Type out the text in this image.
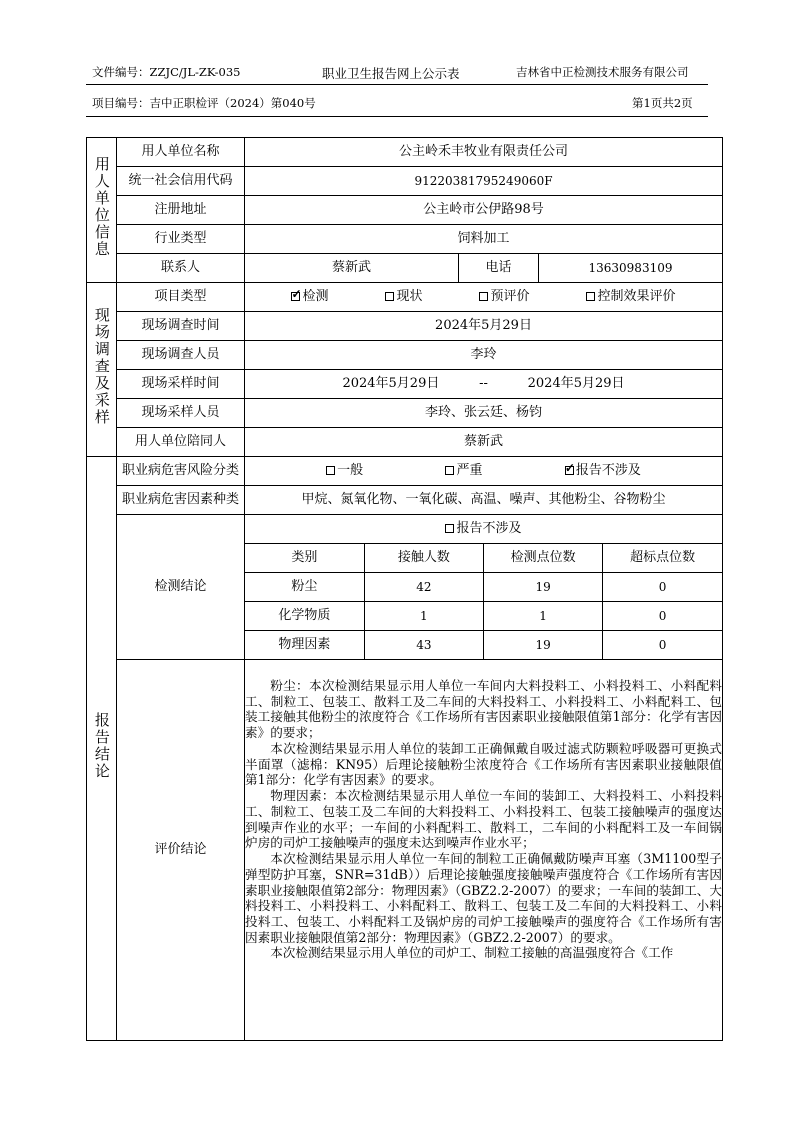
文件编号：ZZJC/JL-ZK-035	职业卫生报告网上公示表	吉林省中正检测技术服务有限公司
项目编号：吉中正职检评（2024）第040号	第1页共2页
用人单位信息	用人单位名称	公主岭禾丰牧业有限责任公司
统一社会信用代码	91220381795249060F
注册地址	公主岭市公伊路98号
行业类型	饲料加工
联系人	蔡新武	电话	13630983109
现场调查及采样	项目类型	
✓检测	现状	预评价	控制效果评价

现场调查时间	2024年5月29日
现场调查人员	李玲
现场采样时间	2024年5月29日	--	2024年5月29日
现场采样人员	李玲、张云廷、杨钧
用人单位陪同人	蔡新武
报告结论	职业病危害风险分类	一般	严重
✓	报告不涉及

职业病危害因素种类	甲烷、氮氧化物、一氧化碳、高温、噪声、其他粉尘、谷物粉尘
检测结论	
报告不涉及
类别	接触人数	检测点位数	超标点位数
粉尘	42	19	0
化学物质	1	1	0
物理因素	43	19	0

评价结论	

粉尘：本次检测结果显示用人单位一车间内大料投料工、小料投料工、小料配料工、制粒工、包装工、散料工及二车间的大料投料工、小料投料工、小料配料工、包装工接触其他粉尘的浓度符合《工作场所有害因素职业接触限值第1部分：化学有害因素》的要求；

本次检测结果显示用人单位的装卸工正确佩戴自吸过滤式防颗粒呼吸器可更换式半面罩（滤棉：KN95）后理论接触粉尘浓度符合《工作场所有害因素职业接触限值第1部分：化学有害因素》的要求。

物理因素：本次检测结果显示用人单位一车间的装卸工、大料投料工、小料投料工、制粒工、包装工及二车间的大料投料工、小料投料工、包装工接触噪声的强度达到噪声作业的水平；一车间的小料配料工、散料工，二车间的小料配料工及一车间锅炉房的司炉工接触噪声的强度未达到噪声作业水平；

本次检测结果显示用人单位一车间的制粒工正确佩戴防噪声耳塞（3M1100型子弹型防护耳塞，SNR=31dB））后理论接触强度接触噪声强度符合《工作场所有害因素职业接触限值第2部分：物理因素》（GBZ2.2-2007）的要求；一车间的装卸工、大料投料工、小料投料工、小料配料工、散料工、包装工及二车间的大料投料工、小料投料工、包装工、小料配料工及锅炉房的司炉工接触噪声的强度符合《工作场所有害因素职业接触限值第2部分：物理因素》（GBZ2.2-2007）的要求。

本次检测结果显示用人单位的司炉工、制粒工接触的高温强度符合《工作
